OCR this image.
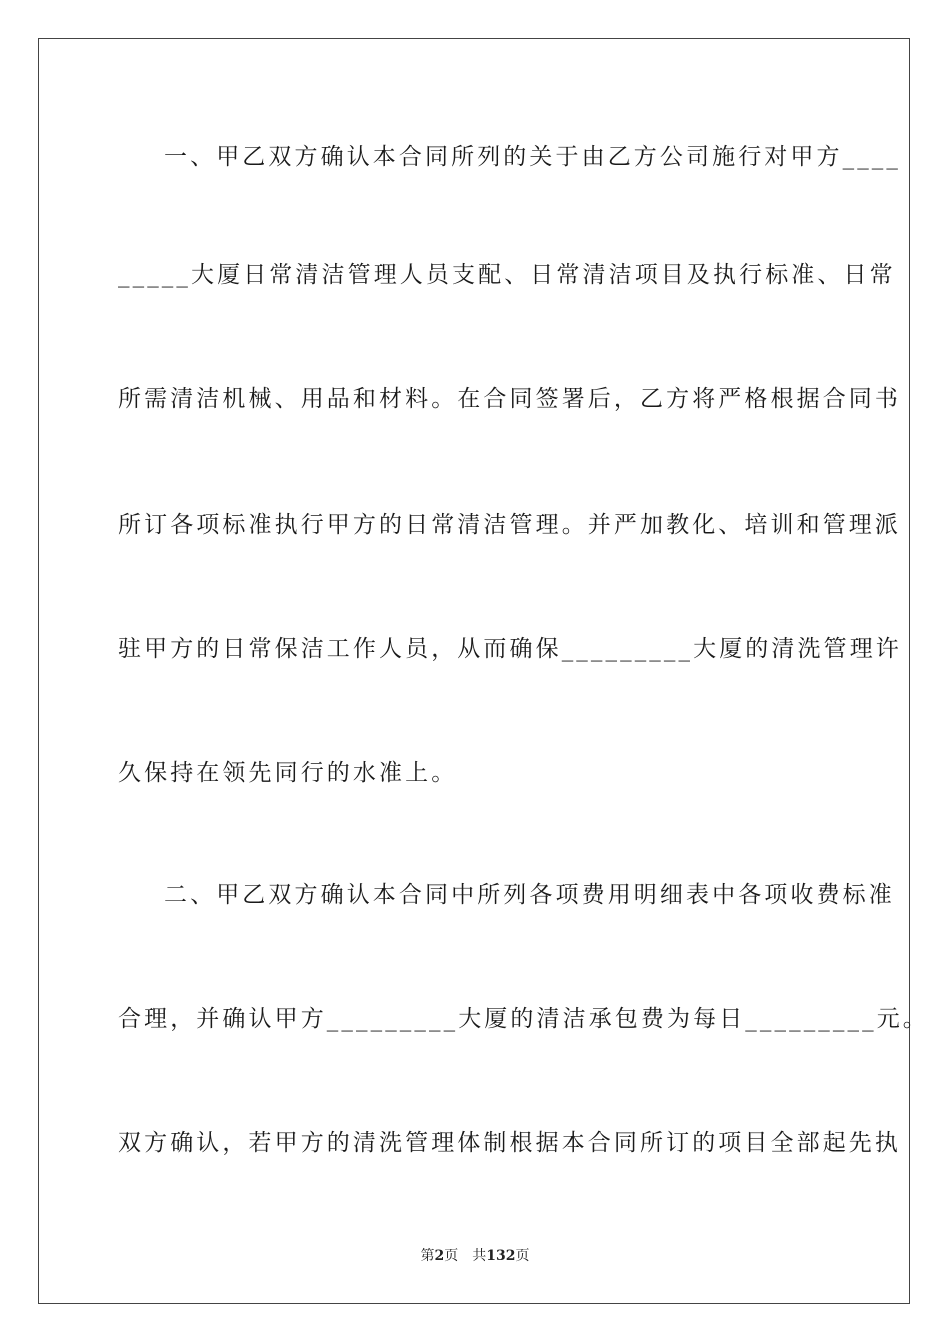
一、甲乙双方确认本合同所列的关于由乙方公司施行对甲方____
_____大厦日常清洁管理人员支配、日常清洁项目及执行标准、日常
所需清洁机械、用品和材料。在合同签署后，乙方将严格根据合同书
所订各项标准执行甲方的日常清洁管理。并严加教化、培训和管理派
驻甲方的日常保洁工作人员，从而确保_________大厦的清洗管理许
久保持在领先同行的水准上。
二、甲乙双方确认本合同中所列各项费用明细表中各项收费标准
合理，并确认甲方_________大厦的清洁承包费为每日_________元。
双方确认，若甲方的清洗管理体制根据本合同所订的项目全部起先执
第2页 共132页
